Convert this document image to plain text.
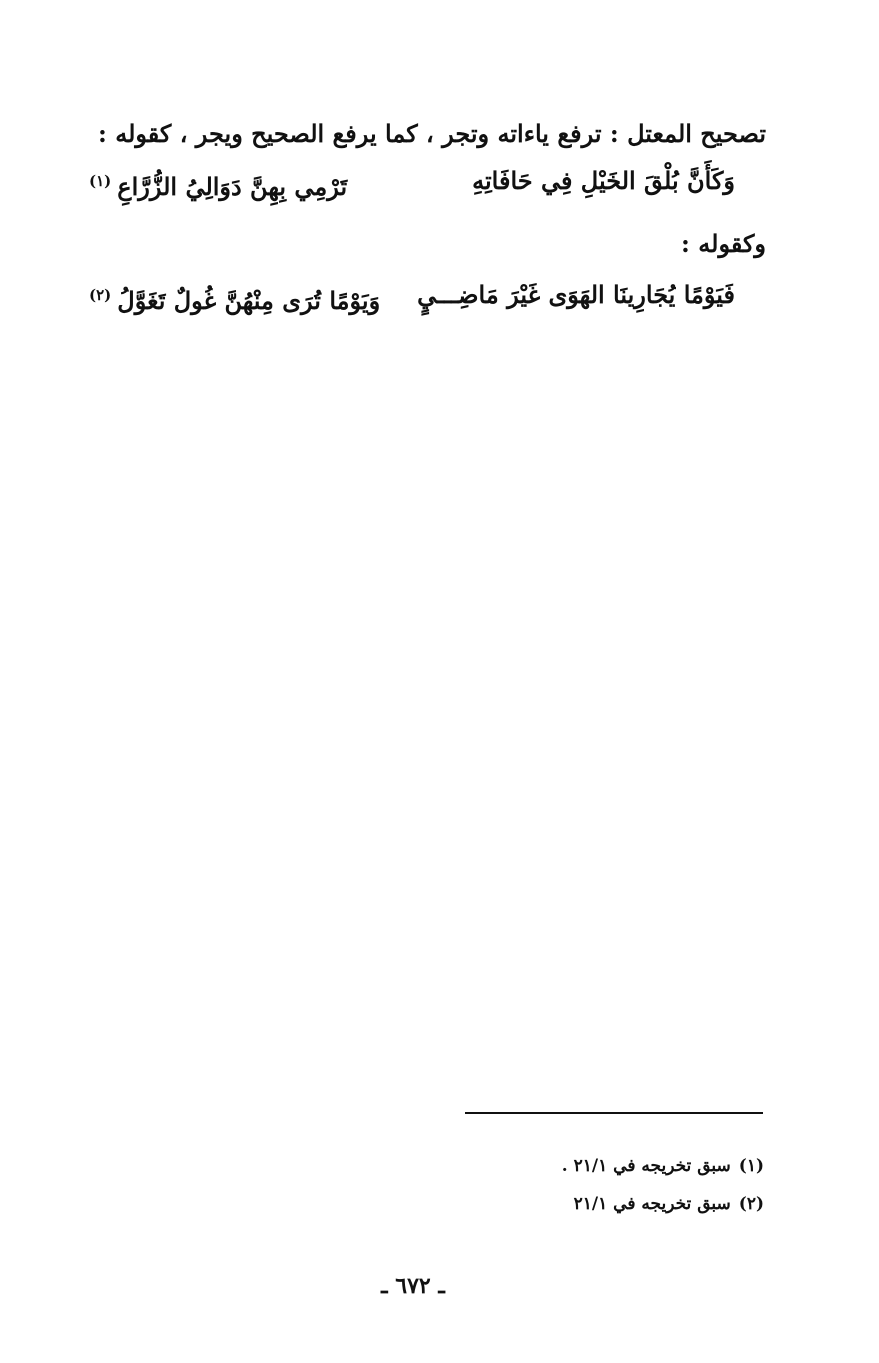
تصحيح المعتل : ترفع ياءاته وتجر ، كما يرفع الصحيح ويجر ، كقوله :
وَكَأَنَّ بُلْقَ الخَيْلِ فِي حَافَاتِهِ
تَرْمِي بِهِنَّ دَوَالِيُ الزُّرَّاعِ$^{(١)}$
وكقوله :
فَيَوْمًا يُجَارِينَا الهَوَى غَيْرَ مَاضِـــيٍ
وَيَوْمًا تُرَى مِنْهُنَّ غُولٌ تَغَوَّلُ$^{(٢)}$
(١)سبق تخريجه في ٢١/١ .
(٢)سبق تخريجه في ٢١/١
ـ ٦٧٢ ـ
